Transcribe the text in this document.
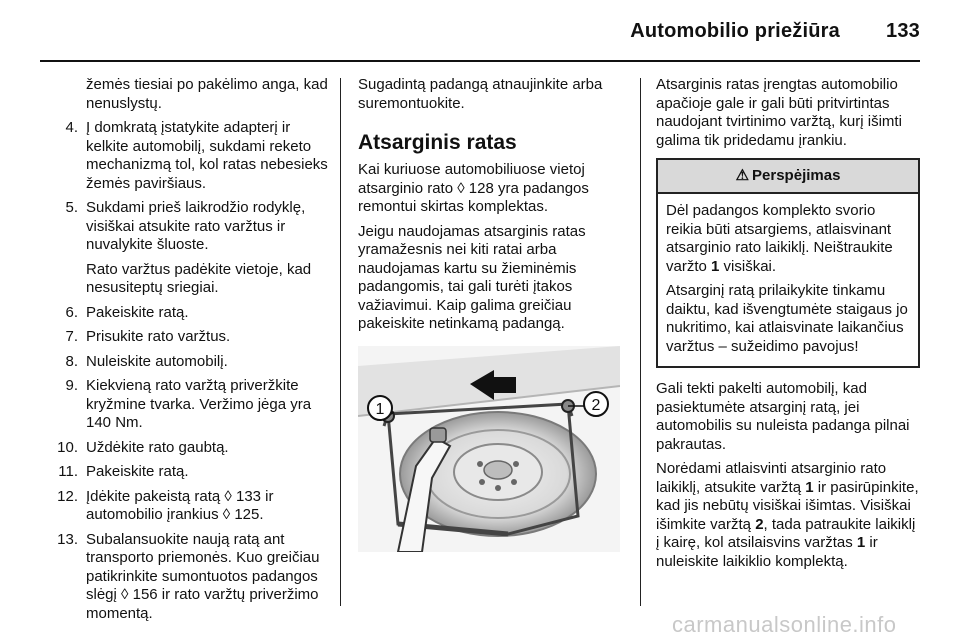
Automobilio priežiūra 133
žemės tiesiai po pakėlimo anga, kad nenuslystų.
4. Į domkratą įstatykite adapterį ir kelkite automobilį, sukdami reketo mechanizmą tol, kol ratas nebesieks žemės paviršiaus.
5. Sukdami prieš laikrodžio rodyklę, visiškai atsukite rato varžtus ir nuvalykite šluoste.
Rato varžtus padėkite vietoje, kad nesusiteptų sriegiai.
6. Pakeiskite ratą.
7. Prisukite rato varžtus.
8. Nuleiskite automobilį.
9. Kiekvieną rato varžtą priveržkite kryžmine tvarka. Veržimo jėga yra 140 Nm.
10. Uždėkite rato gaubtą.
11. Pakeiskite ratą.
12. Įdėkite pakeistą ratą ◊ 133 ir automobilio įrankius ◊ 125.
13. Subalansuokite naują ratą ant transporto priemonės. Kuo greičiau patikrinkite sumontuotos padangos slėgį ◊ 156 ir rato varžtų priveržimo momentą.
Sugadintą padangą atnaujinkite arba suremontuokite.
Atsarginis ratas
Kai kuriuose automobiliuose vietoj atsarginio rato ◊ 128 yra padangos remontui skirtas komplektas.
Jeigu naudojamas atsarginis ratas yramažesnis nei kiti ratai arba naudojamas kartu su žieminėmis padangomis, tai gali turėti įtakos važiavimui. Kaip galima greičiau pakeiskite netinkamą padangą.
1	2
Atsarginis ratas įrengtas automobilio apačioje gale ir gali būti pritvirtintas naudojant tvirtinimo varžtą, kurį išimti galima tik pridedamu įrankiu.
⚠ Perspėjimas
Dėl padangos komplekto svorio reikia būti atsargiems, atlaisvinant atsarginio rato laikiklį. Neištraukite varžto 1 visiškai.
Atsarginį ratą prilaikykite tinkamu daiktu, kad išvengtumėte staigaus jo nukritimo, kai atlaisvinate laikančius varžtus – sužeidimo pavojus!
Gali tekti pakelti automobilį, kad pasiektumėte atsarginį ratą, jei automobilis su nuleista padanga pilnai pakrautas.
Norėdami atlaisvinti atsarginio rato laikiklį, atsukite varžtą 1 ir pasirūpinkite, kad jis nebūtų visiškai išimtas. Visiškai išimkite varžtą 2, tada patraukite laikiklį į kairę, kol atsilaisvins varžtas 1 ir nuleiskite laikiklio komplektą.
carmanualsonline.info
